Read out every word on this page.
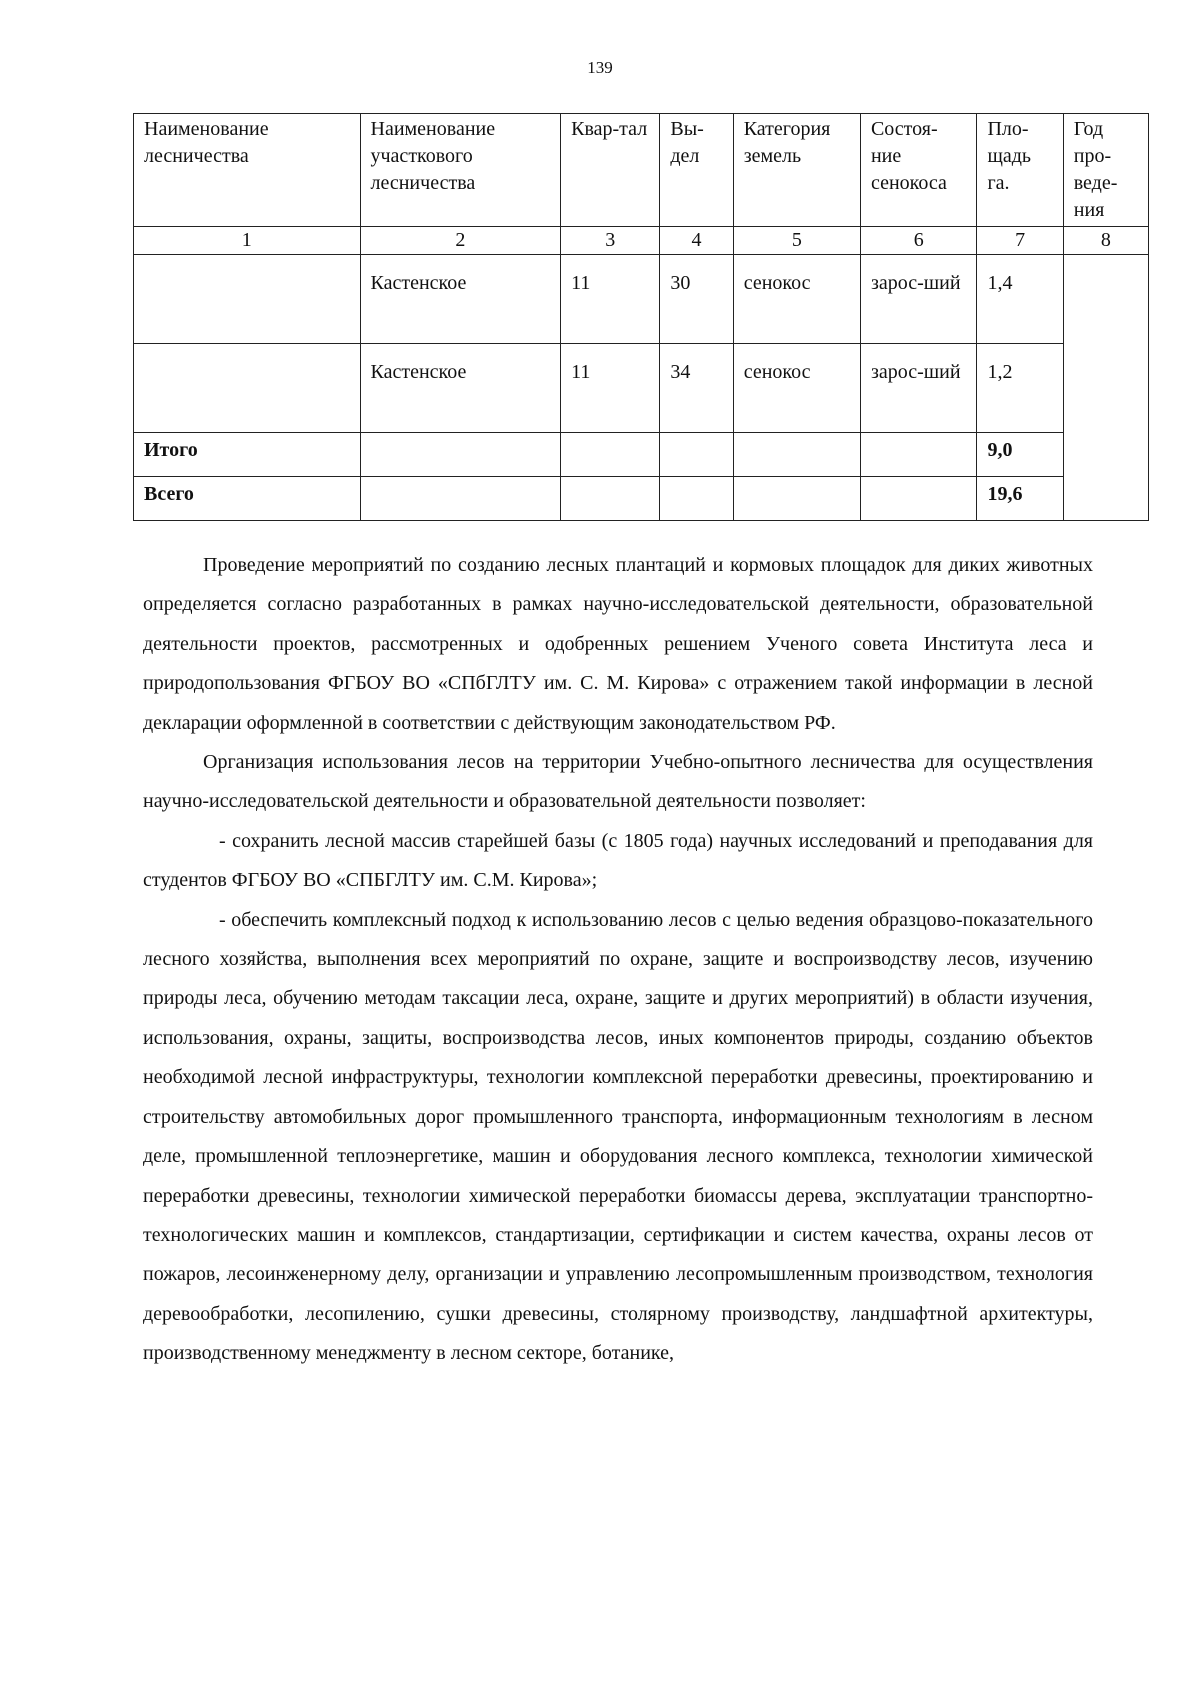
139
Наименование лесничества	Наименование участкового лесничества	Квар-тал	Вы-дел	Категория земель	Состоя-ние сенокоса	Пло-щадь га.	Год про-веде-ния
1	2	3	4	5	6	7	8
	Кастенское	11	30	сенокос	зарос-ший	1,4	
	Кастенское	11	34	сенокос	зарос-ший	1,2	
Итого						9,0	
Всего						19,6	

Проведение мероприятий по созданию лесных плантаций и кормовых площадок для диких животных определяется согласно разработанных в рамках научно-исследовательской деятельности, образовательной деятельности проектов, рассмотренных и одобренных решением Ученого совета Института леса и природопользования ФГБОУ ВО «СПбГЛТУ им. С. М. Кирова» с отражением такой информации в лесной декларации оформленной в соответствии с действующим законодательством РФ.

Организация использования лесов на территории Учебно-опытного лесничества для осуществления научно-исследовательской деятельности и образовательной деятельности позволяет:

- сохранить лесной массив старейшей базы (с 1805 года) научных исследований и преподавания для студентов ФГБОУ ВО «СПБГЛТУ им. С.М. Кирова»;

- обеспечить комплексный подход к использованию лесов с целью ведения образцово-показательного лесного хозяйства, выполнения всех мероприятий по охране, защите и воспроизводству лесов, изучению природы леса, обучению методам таксации леса, охране, защите и других мероприятий) в области изучения, использования, охраны, защиты, воспроизводства лесов, иных компонентов природы, созданию объектов необходимой лесной инфраструктуры, технологии комплексной переработки древесины, проектированию и строительству автомобильных дорог промышленного транспорта, информационным технологиям в лесном деле, промышленной теплоэнергетике, машин и оборудования лесного комплекса, технологии химической переработки древесины, технологии химической переработки биомассы дерева, эксплуатации транспортно-технологических машин и комплексов, стандартизации, сертификации и систем качества, охраны лесов от пожаров, лесоинженерному делу, организации и управлению лесопромышленным производством, технология деревообработки, лесопилению, сушки древесины, столярному производству, ландшафтной архитектуры, производственному менеджменту в лесном секторе, ботанике,
